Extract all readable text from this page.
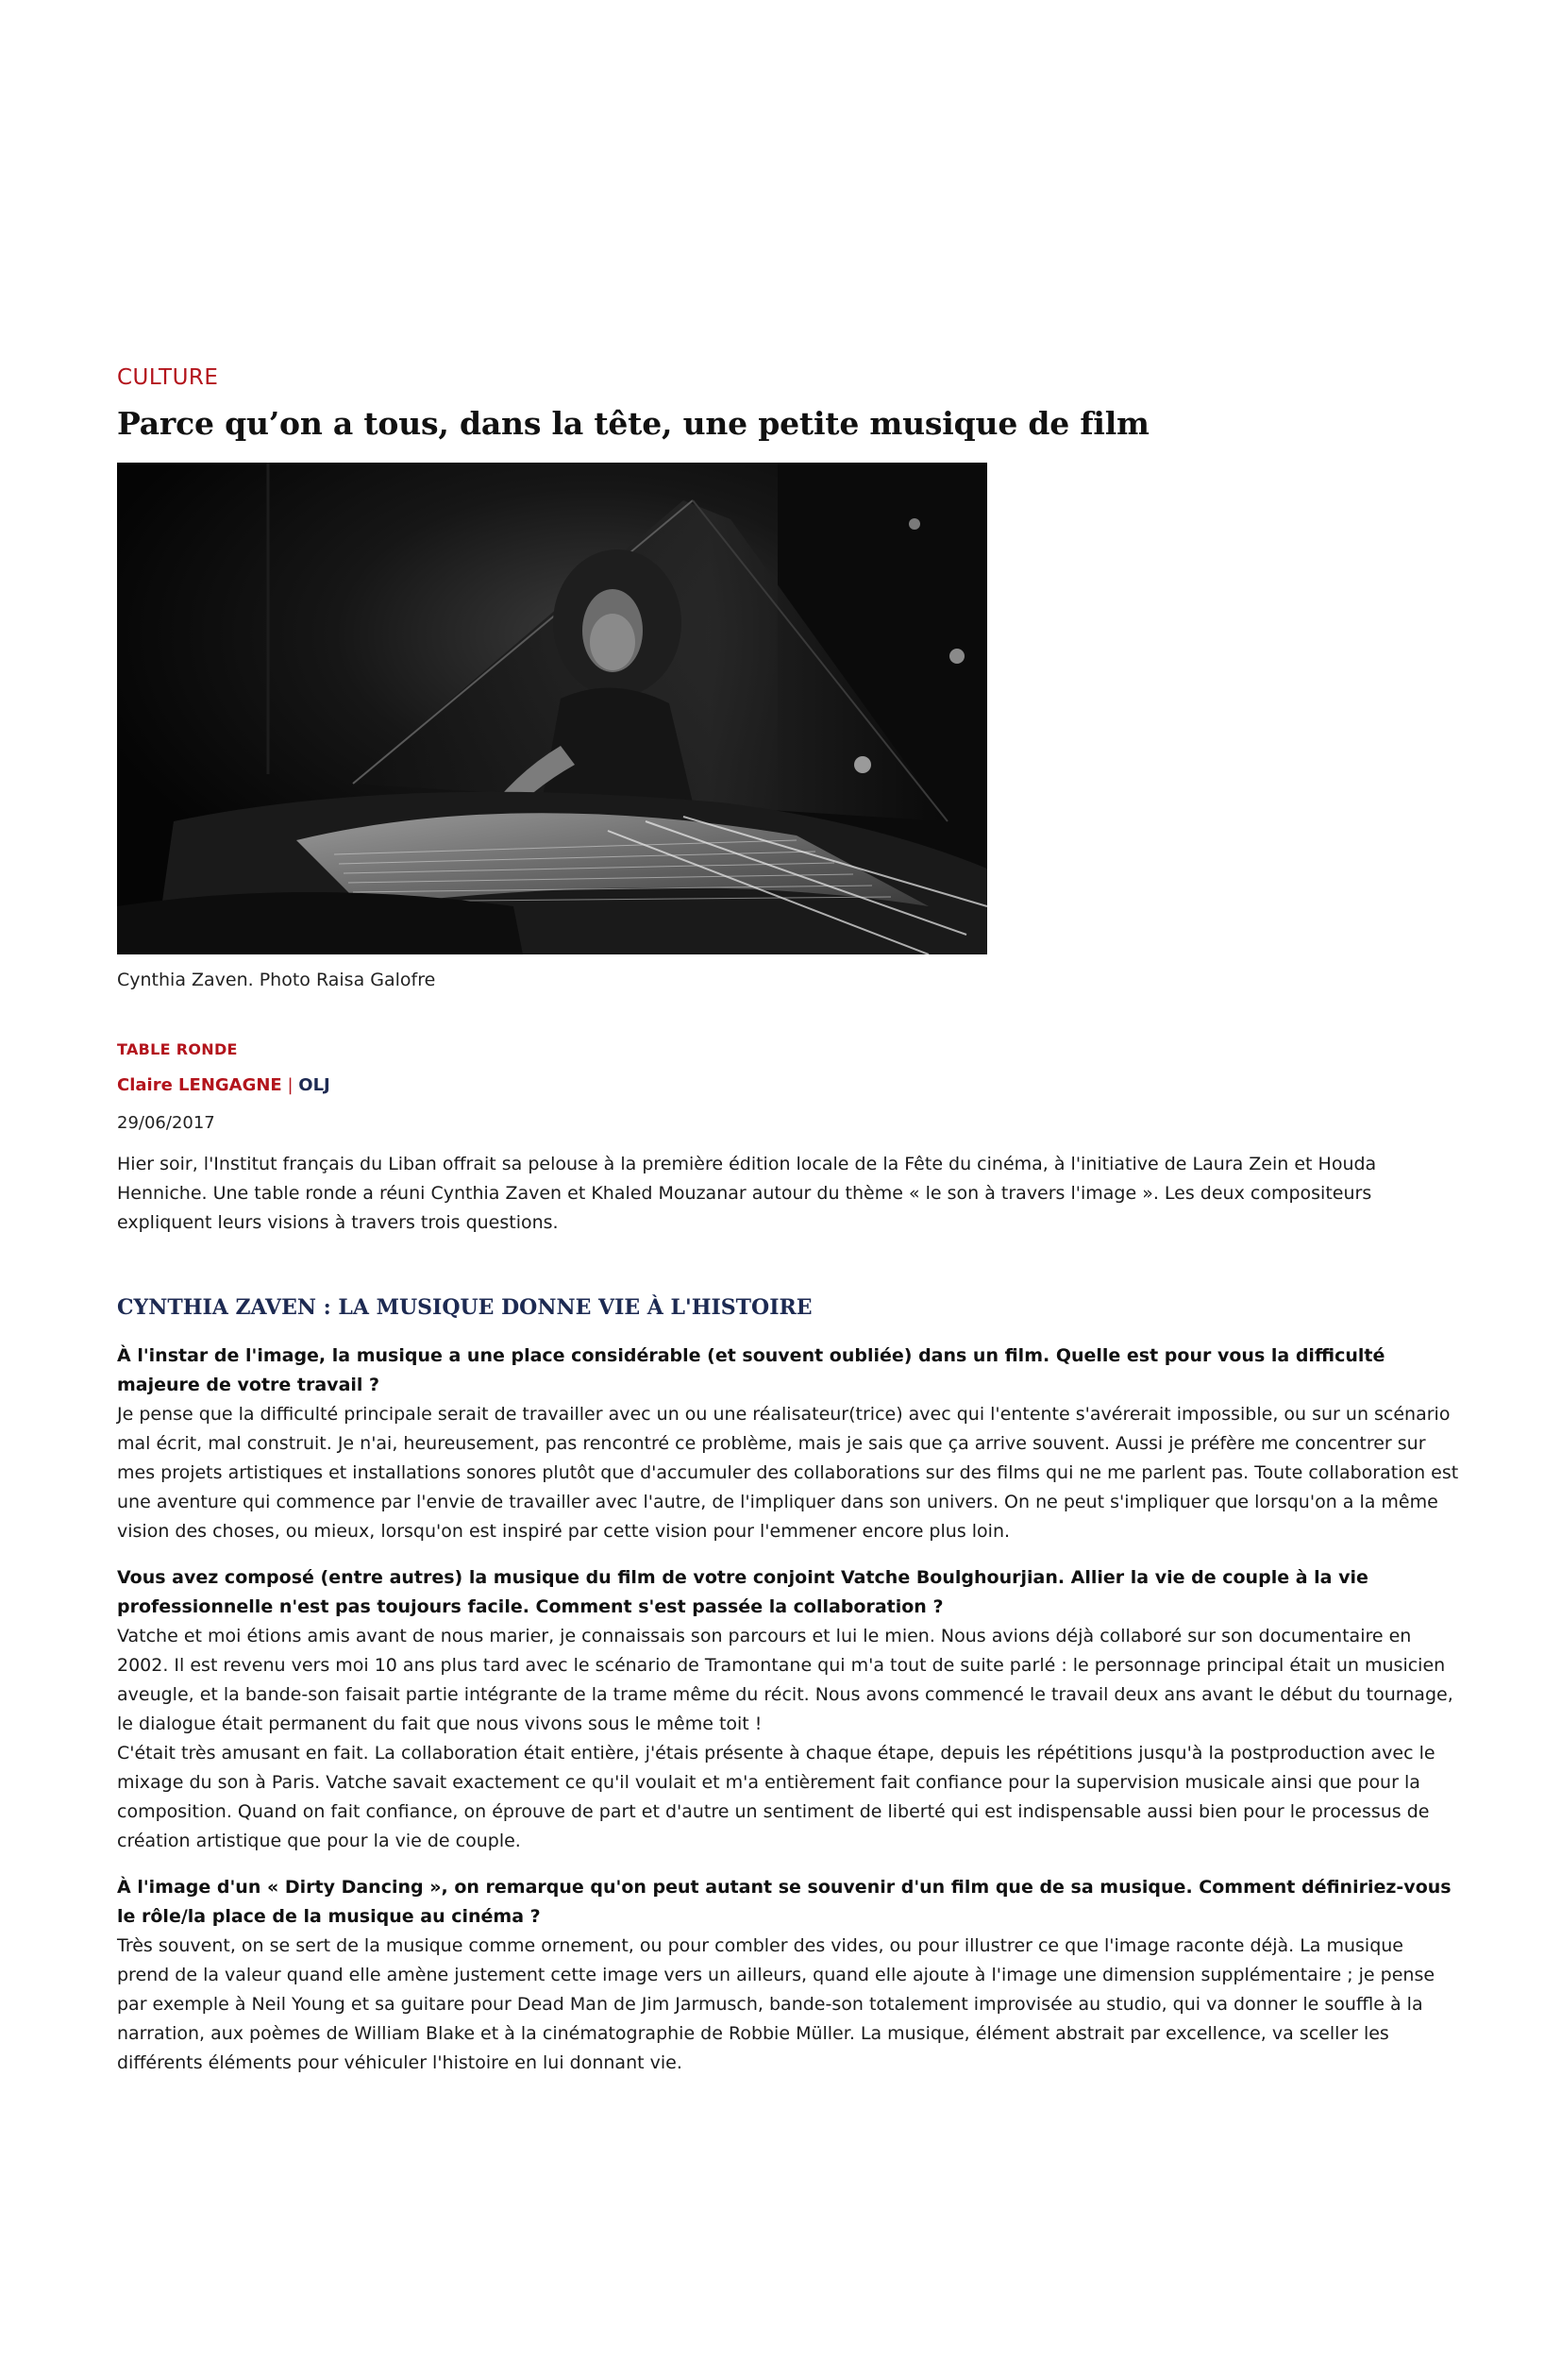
CULTURE
Parce qu’on a tous, dans la tête, une petite musique de film
Cynthia Zaven. Photo Raisa Galofre
TABLE RONDE
Claire LENGAGNE | OLJ
29/06/2017

Hier soir, l'Institut français du Liban offrait sa pelouse à la première édition locale de la Fête du cinéma, à l'initiative de Laura Zein et Houda Henniche. Une table ronde a réuni Cynthia Zaven et Khaled Mouzanar autour du thème « le son à travers l'image ». Les deux compositeurs expliquent leurs visions à travers trois questions.

CYNTHIA ZAVEN : LA MUSIQUE DONNE VIE À L'HISTOIRE

À l'instar de l'image, la musique a une place considérable (et souvent oubliée) dans un film. Quelle est pour vous la difficulté majeure de votre travail ?

Je pense que la difficulté principale serait de travailler avec un ou une réalisateur(trice) avec qui l'entente s'avérerait impossible, ou sur un scénario mal écrit, mal construit. Je n'ai, heureusement, pas rencontré ce problème, mais je sais que ça arrive souvent. Aussi je préfère me concentrer sur mes projets artistiques et installations sonores plutôt que d'accumuler des collaborations sur des films qui ne me parlent pas. Toute collaboration est une aventure qui commence par l'envie de travailler avec l'autre, de l'impliquer dans son univers. On ne peut s'impliquer que lorsqu'on a la même vision des choses, ou mieux, lorsqu'on est inspiré par cette vision pour l'emmener encore plus loin.

Vous avez composé (entre autres) la musique du film de votre conjoint Vatche Boulghourjian. Allier la vie de couple à la vie professionnelle n'est pas toujours facile. Comment s'est passée la collaboration ?

Vatche et moi étions amis avant de nous marier, je connaissais son parcours et lui le mien. Nous avions déjà collaboré sur son documentaire en 2002. Il est revenu vers moi 10 ans plus tard avec le scénario de Tramontane qui m'a tout de suite parlé : le personnage principal était un musicien aveugle, et la bande-son faisait partie intégrante de la trame même du récit. Nous avons commencé le travail deux ans avant le début du tournage, le dialogue était permanent du fait que nous vivons sous le même toit !

C'était très amusant en fait. La collaboration était entière, j'étais présente à chaque étape, depuis les répétitions jusqu'à la postproduction avec le mixage du son à Paris. Vatche savait exactement ce qu'il voulait et m'a entièrement fait confiance pour la supervision musicale ainsi que pour la composition. Quand on fait confiance, on éprouve de part et d'autre un sentiment de liberté qui est indispensable aussi bien pour le processus de création artistique que pour la vie de couple.

À l'image d'un « Dirty Dancing », on remarque qu'on peut autant se souvenir d'un film que de sa musique. Comment définiriez-vous le rôle/la place de la musique au cinéma ?

Très souvent, on se sert de la musique comme ornement, ou pour combler des vides, ou pour illustrer ce que l'image raconte déjà. La musique prend de la valeur quand elle amène justement cette image vers un ailleurs, quand elle ajoute à l'image une dimension supplémentaire ; je pense par exemple à Neil Young et sa guitare pour Dead Man de Jim Jarmusch, bande-son totalement improvisée au studio, qui va donner le souffle à la narration, aux poèmes de William Blake et à la cinématographie de Robbie Müller. La musique, élément abstrait par excellence, va sceller les différents éléments pour véhiculer l'histoire en lui donnant vie.
